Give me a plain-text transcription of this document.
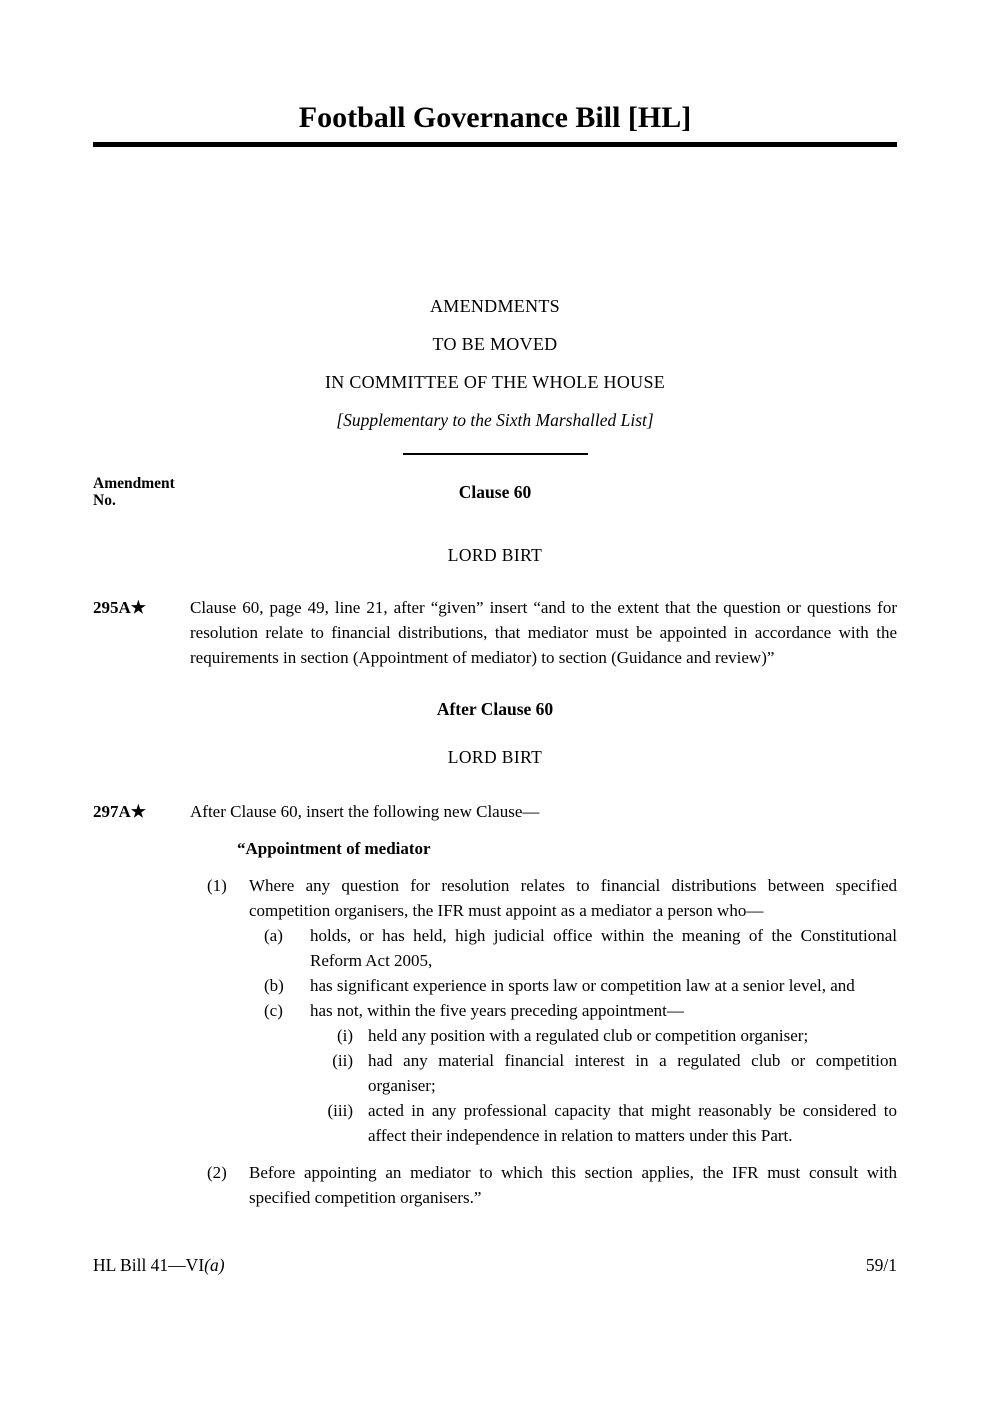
Football Governance Bill [HL]
AMENDMENTS
TO BE MOVED
IN COMMITTEE OF THE WHOLE HOUSE
[Supplementary to the Sixth Marshalled List]
Amendment
No.	Clause 60
LORD BIRT
295A★	Clause 60, page 49, line 21, after “given” insert “and to the extent that the question or questions for resolution relate to financial distributions, that mediator must be appointed in accordance with the requirements in section (Appointment of mediator) to section (Guidance and review)”
After Clause 60
LORD BIRT
297A★	After Clause 60, insert the following new Clause—
“Appointment of mediator
(1) Where any question for resolution relates to financial distributions between specified competition organisers, the IFR must appoint as a mediator a person who—
(a)	holds, or has held, high judicial office within the meaning of the Constitutional Reform Act 2005,
(b)	has significant experience in sports law or competition law at a senior level, and
(c)	has not, within the five years preceding appointment—
(i) held any position with a regulated club or competition organiser;
(ii) had any material financial interest in a regulated club or competition organiser;
(iii) acted in any professional capacity that might reasonably be considered to affect their independence in relation to matters under this Part.
(2) Before appointing an mediator to which this section applies, the IFR must consult with specified competition organisers.”
HL Bill 41—VI(a)	59/1
